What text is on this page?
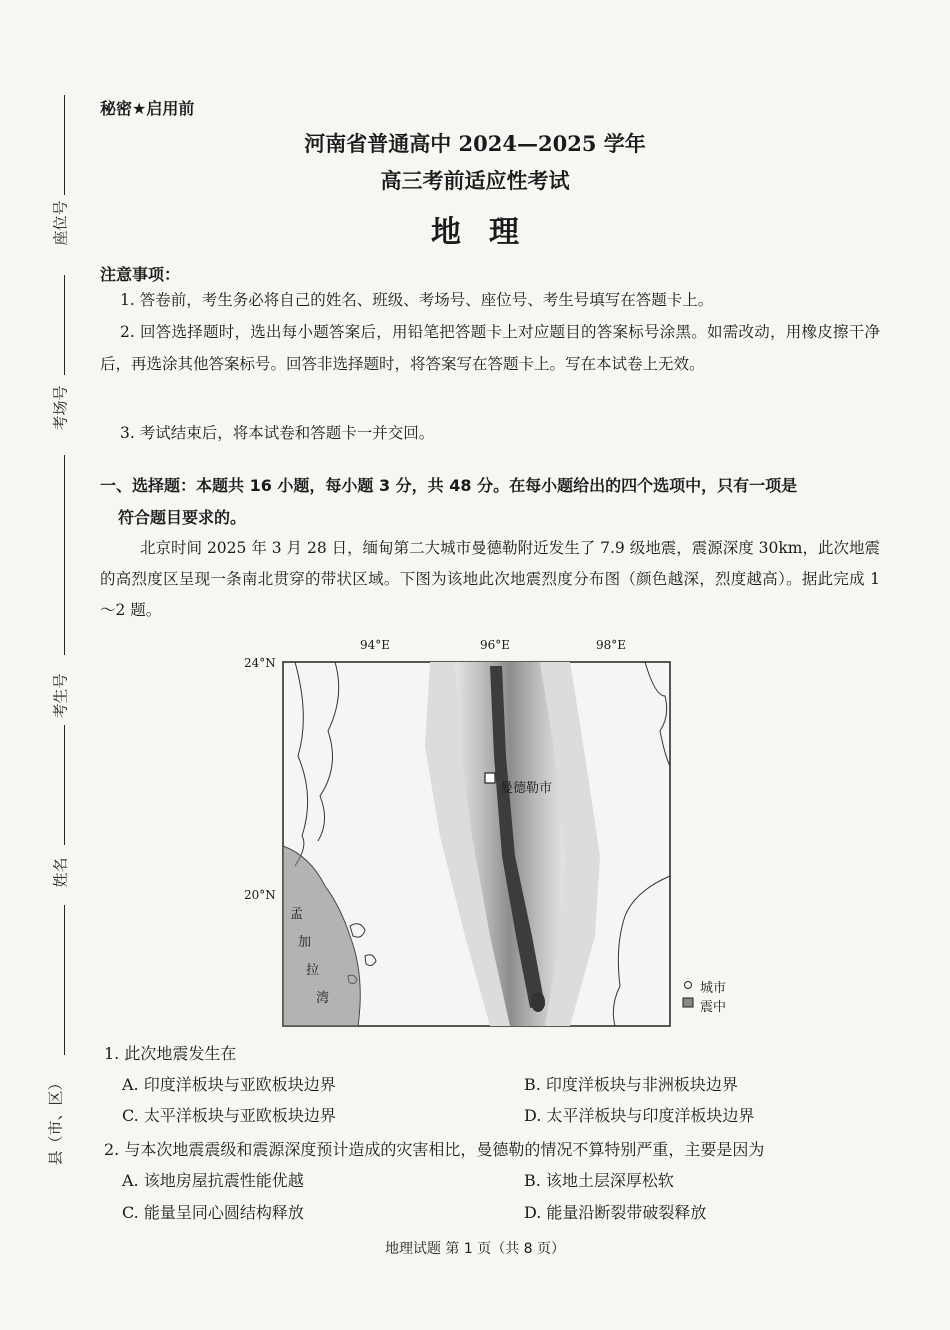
座位号
考场号
考生号
姓名
县（市、区）
秘密★启用前
河南省普通高中 2024—2025 学年
高三考前适应性考试
地理
注意事项：
1. 答卷前，考生务必将自己的姓名、班级、考场号、座位号、考生号填写在答题卡上。
2. 回答选择题时，选出每小题答案后，用铅笔把答题卡上对应题目的答案标号涂黑。如需改动，用橡皮擦干净后，再选涂其他答案标号。回答非选择题时，将答案写在答题卡上。写在本试卷上无效。
3. 考试结束后，将本试卷和答题卡一并交回。
一、选择题：本题共 16 小题，每小题 3 分，共 48 分。在每小题给出的四个选项中，只有一项是
符合题目要求的。
北京时间 2025 年 3 月 28 日，缅甸第二大城市曼德勒附近发生了 7.9 级地震，震源深度 30km，此次地震的高烈度区呈现一条南北贯穿的带状区域。下图为该地此次地震烈度分布图（颜色越深，烈度越高）。据此完成 1～2 题。
94°E	96°E	98°E
24°N
20°N
曼德勒市
孟
加
城市
震中
1. 此次地震发生在
A. 印度洋板块与亚欧板块边界	B. 印度洋板块与非洲板块边界
C. 太平洋板块与亚欧板块边界	D. 太平洋板块与印度洋板块边界
2. 与本次地震震级和震源深度预计造成的灾害相比，曼德勒的情况不算特别严重，主要是因为
A. 该地房屋抗震性能优越	B. 该地土层深厚松软
C. 能量呈同心圆结构释放	D. 能量沿断裂带破裂释放
地理试题 第 1 页（共 8 页）
